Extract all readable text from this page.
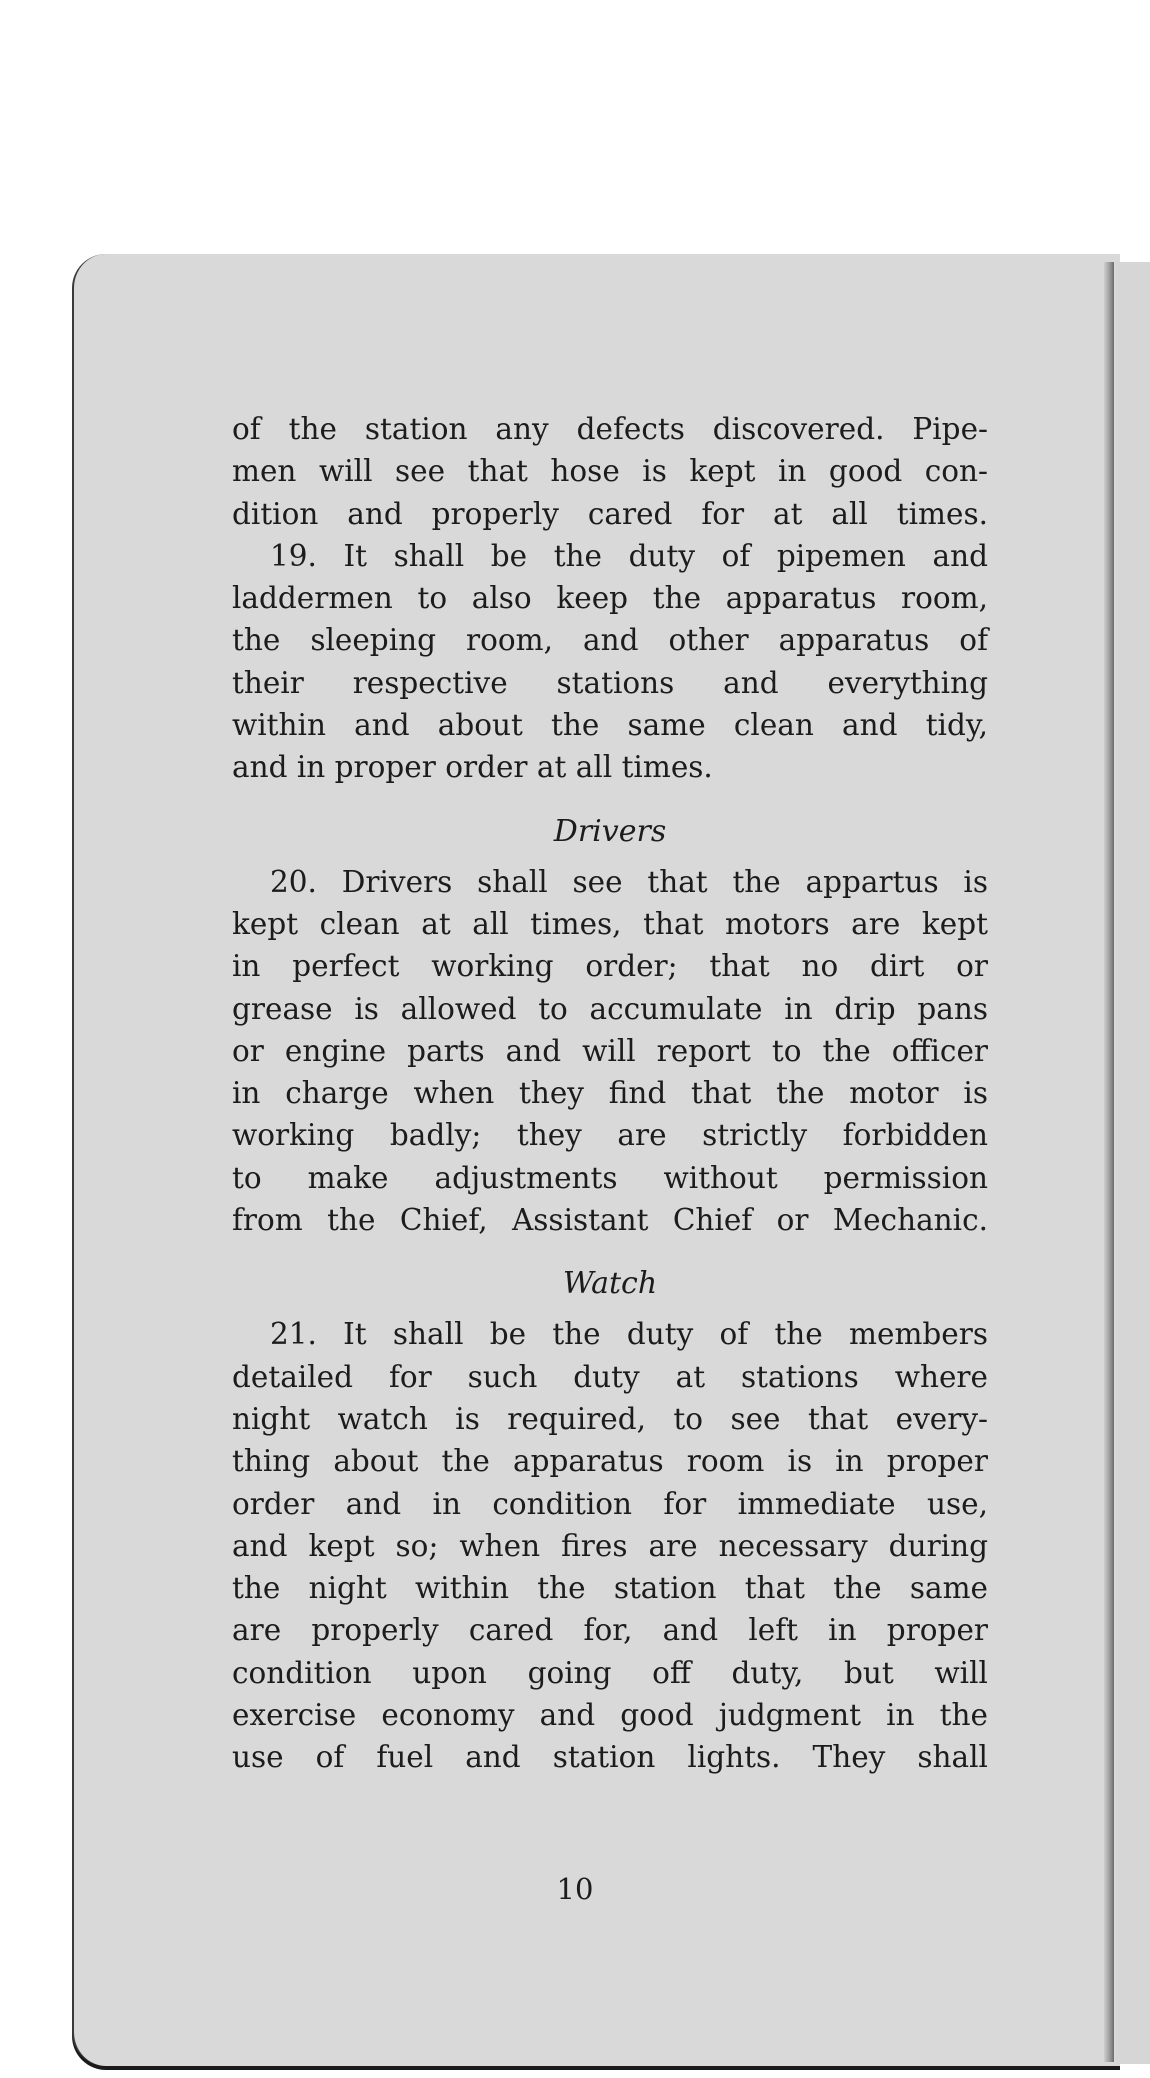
of the station any defects discovered. Pipe-
men will see that hose is kept in good con-
dition and properly cared for at all times.
19. It shall be the duty of pipemen and
laddermen to also keep the apparatus room,
the sleeping room, and other apparatus of
their respective stations and everything
within and about the same clean and tidy,
and in proper order at all times.
Drivers
20. Drivers shall see that the appartus is
kept clean at all times, that motors are kept
in perfect working order; that no dirt or
grease is allowed to accumulate in drip pans
or engine parts and will report to the officer
in charge when they find that the motor is
working badly; they are strictly forbidden
to make adjustments without permission
from the Chief, Assistant Chief or Mechanic.
Watch
21. It shall be the duty of the members
detailed for such duty at stations where
night watch is required, to see that every-
thing about the apparatus room is in proper
order and in condition for immediate use,
and kept so; when fires are necessary during
the night within the station that the same
are properly cared for, and left in proper
condition upon going off duty, but will
exercise economy and good judgment in the
use of fuel and station lights. They shall
10
